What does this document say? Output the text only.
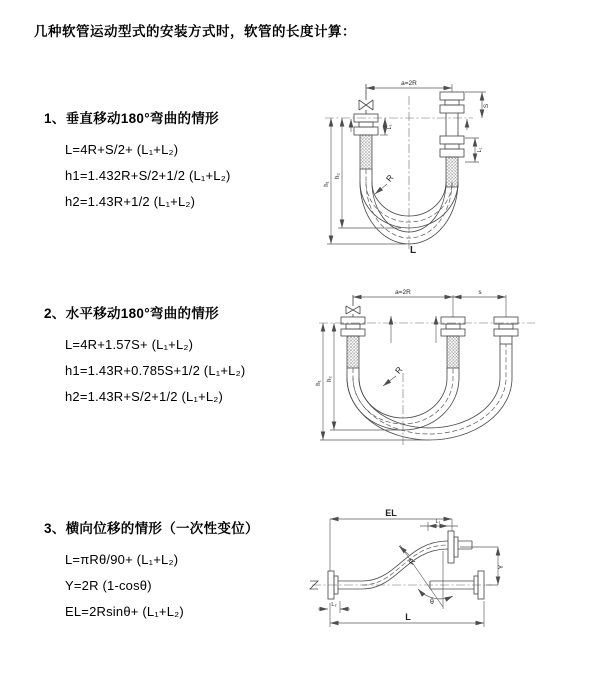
几种软管运动型式的安装方式时，软管的长度计算：
1、垂直移动180°弯曲的情形
L=4R+S/2+ (L₁+L₂)
h1=1.432R+S/2+1/2 (L₁+L₂)
h2=1.43R+1/2 (L₁+L₂)
2、水平移动180°弯曲的情形
L=4R+1.57S+ (L₁+L₂)
h1=1.43R+0.785S+1/2 (L₁+L₂)
h2=1.43R+S/2+1/2 (L₁+L₂)
3、横向位移的情形（一次性变位）
L=πRθ/90+ (L₁+L₂)
Y=2R (1-cosθ)
EL=2Rsinθ+ (L₁+L₂)
a=2R
h₁
h₂
S
L₁
L₁
R
L
a=2R	s
h₁
h₂
R
EL
L₁
Y
θ
R
L₂
L
